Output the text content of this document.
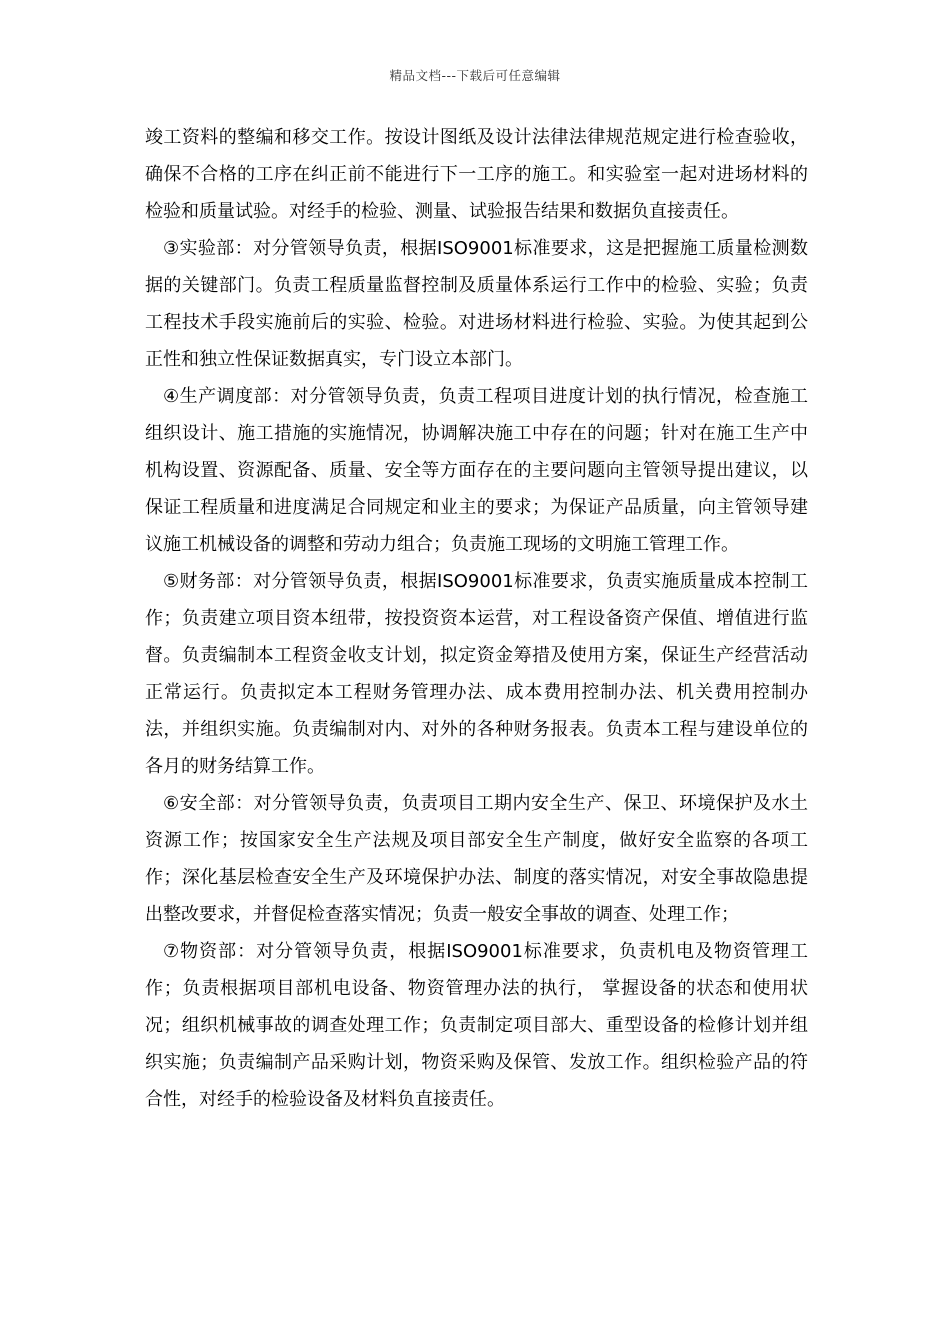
精品文档---下载后可任意编辑

竣工资料的整编和移交工作。按设计图纸及设计法律法律规范规定进行检查验收，确保不合格的工序在纠正前不能进行下一工序的施工。和实验室一起对进场材料的检验和质量试验。对经手的检验、测量、试验报告结果和数据负直接责任。

③实验部：对分管领导负责，根据ISO9001标准要求，这是把握施工质量检测数据的关键部门。负责工程质量监督控制及质量体系运行工作中的检验、实验；负责工程技术手段实施前后的实验、检验。对进场材料进行检验、实验。为使其起到公正性和独立性保证数据真实，专门设立本部门。

④生产调度部：对分管领导负责，负责工程项目进度计划的执行情况，检查施工组织设计、施工措施的实施情况，协调解决施工中存在的问题；针对在施工生产中机构设置、资源配备、质量、安全等方面存在的主要问题向主管领导提出建议，以保证工程质量和进度满足合同规定和业主的要求；为保证产品质量，向主管领导建议施工机械设备的调整和劳动力组合；负责施工现场的文明施工管理工作。

⑤财务部：对分管领导负责，根据ISO9001标准要求，负责实施质量成本控制工作；负责建立项目资本纽带，按投资资本运营，对工程设备资产保值、增值进行监督。负责编制本工程资金收支计划，拟定资金筹措及使用方案，保证生产经营活动正常运行。负责拟定本工程财务管理办法、成本费用控制办法、机关费用控制办法，并组织实施。负责编制对内、对外的各种财务报表。负责本工程与建设单位的各月的财务结算工作。

⑥安全部：对分管领导负责，负责项目工期内安全生产、保卫、环境保护及水土资源工作；按国家安全生产法规及项目部安全生产制度，做好安全监察的各项工作；深化基层检查安全生产及环境保护办法、制度的落实情况，对安全事故隐患提出整改要求，并督促检查落实情况；负责一般安全事故的调查、处理工作；

⑦物资部：对分管领导负责，根据ISO9001标准要求，负责机电及物资管理工作；负责根据项目部机电设备、物资管理办法的执行， 掌握设备的状态和使用状况；组织机械事故的调查处理工作；负责制定项目部大、重型设备的检修计划并组织实施；负责编制产品采购计划，物资采购及保管、发放工作。组织检验产品的符合性，对经手的检验设备及材料负直接责任。
